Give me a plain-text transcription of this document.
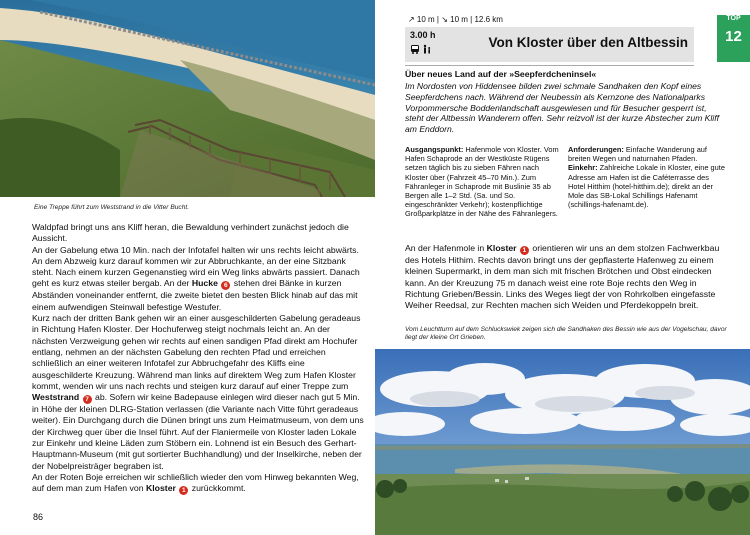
Eine Treppe führt zum Weststrand in die Vitter Bucht.

Waldpfad bringt uns ans Kliff heran, die Bewaldung verhindert zunächst jedoch die Aussicht.

An der Gabelung etwa 10 Min. nach der Infotafel halten wir uns rechts leicht abwärts. An dem Abzweig kurz darauf kommen wir zur Abbruchkante, an der eine Sitzbank steht. Nach einem kurzen Gegenanstieg wird ein Weg links abwärts passiert. Danach geht es kurz etwas steiler bergab. An der Hucke 6 stehen drei Bänke in kurzen Abständen voneinander entfernt, die zweite bietet den besten Blick hinab auf das mit einem aufwendigen Steinwall befestige Westufer.

Kurz nach der dritten Bank gehen wir an einer ausgeschilderten Gabelung geradeaus in Richtung Hafen Kloster. Der Hochuferweg steigt nochmals leicht an. An der nächsten Verzweigung gehen wir rechts auf einen sandigen Pfad direkt am Hochufer entlang, nehmen an der nächsten Gabelung den rechten Pfad und erreichen schließlich an einer weiteren Infotafel zur Abbruchgefahr des Kliffs eine ausgeschilderte Kreuzung. Während man links auf direktem Weg zum Hafen Kloster kommt, wenden wir uns nach rechts und steigen kurz darauf auf einer Treppe zum Weststrand 7 ab. Sofern wir keine Badepause einlegen wird dieser nach gut 5 Min. in Höhe der kleinen DLRG-Station verlassen (die Variante nach Vitte führt geradeaus weiter). Ein Durchgang durch die Dünen bringt uns zum Heimatmuseum, von dem uns der Kirchweg quer über die Insel führt. Auf der Flaniermeile von Kloster laden Lokale zur Einkehr und kleine Läden zum Stöbern ein. Lohnend ist ein Besuch des Gerhart-Hauptmann-Museum (mit gut sortierter Buchhandlung) und der Inselkirche, neben der der Nobelpreisträger begraben ist.

An der Roten Boje erreichen wir schließlich wieder den vom Hinweg bekannten Weg, auf dem man zum Hafen von Kloster 1 zurückkommt.

86
↗ 10 m | ↘ 10 m | 12.6 km
3.00 h	Von Kloster über den Altbessin
TOP
12
Über neues Land auf der »Seepferdcheninsel«
Im Nordosten von Hiddensee bilden zwei schmale Sandhaken den Kopf eines Seepferdchens nach. Während der Neubessin als Kernzone des Nationalparks Vorpommersche Boddenlandschaft ausgewiesen und für Besucher gesperrt ist, steht der Altbessin Wanderern offen. Sehr reizvoll ist der kurze Abstecher zum Kliff am Enddorn.
Ausgangspunkt: Hafenmole von Kloster. Vom Hafen Schaprode an der Westküste Rügens setzen täglich bis zu sieben Fähren nach Kloster über (Fahrzeit 45–70 Min.). Zum Fähranleger in Schaprode mit Buslinie 35 ab Bergen alle 1–2 Std. (Sa. und So. eingeschränkter Verkehr); kostenpflichtige Großparkplätze in der Nähe des Fähranlegers.
Anforderungen: Einfache Wanderung auf breiten Wegen und naturnahen Pfaden.
Einkehr: Zahlreiche Lokale in Kloster, eine gute Adresse am Hafen ist die Caféterrasse des Hotel Hitthim (hotel-hitthim.de); direkt an der Mole das SB-Lokal Schillings Hafenamt (schillings-hafenamt.de).

An der Hafenmole in Kloster 1 orientieren wir uns an dem stolzen Fachwerkbau des Hotels Hithim. Rechts davon bringt uns der gepflasterte Hafenweg zu einem kleinen Supermarkt, in dem man sich mit frischen Brötchen und Obst eindecken kann. An der Kreuzung 75 m danach weist eine rote Boje rechts den Weg in Richtung Grieben/Bessin. Links des Weges liegt der von Rohrkolben eingefasste Weiher Reedsal, zur Rechten machen sich Weiden und Pferdekoppeln breit.

Vom Leuchtturm auf dem Schluckswiek zeigen sich die Sandhaken des Bessin wie aus der Vogelschau, davor liegt der kleine Ort Grieben.
